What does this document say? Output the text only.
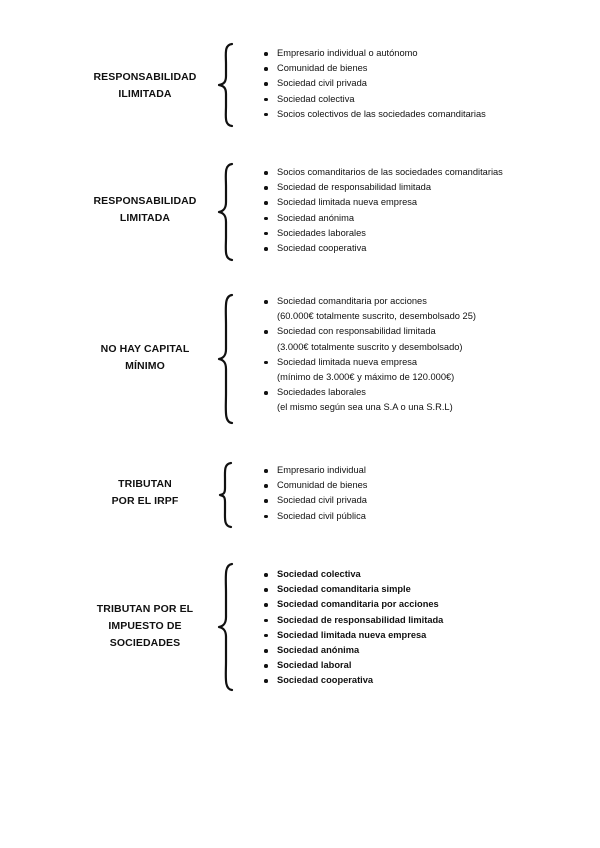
RESPONSABILIDAD
ILIMITADA
Empresario individual o autónomo
Comunidad de bienes
Sociedad civil privada
Sociedad colectiva
Socios colectivos de las sociedades comanditarias
RESPONSABILIDAD
LIMITADA
Socios comanditarios de las sociedades comanditarias
Sociedad de responsabilidad limitada
Sociedad limitada nueva empresa
Sociedad anónima
Sociedades laborales
Sociedad cooperativa
NO HAY CAPITAL
MÍNIMO
Sociedad comanditaria por acciones
(60.000€ totalmente suscrito, desembolsado 25)
Sociedad con responsabilidad limitada
(3.000€ totalmente suscrito y desembolsado)
Sociedad limitada nueva empresa
(mínimo de 3.000€ y máximo de 120.000€)
Sociedades laborales
(el mismo según sea una S.A o una S.R.L)
TRIBUTAN
POR EL IRPF
Empresario individual
Comunidad de bienes
Sociedad civil privada
Sociedad civil pública
TRIBUTAN POR EL
IMPUESTO DE
SOCIEDADES
Sociedad colectiva
Sociedad comanditaria simple
Sociedad comanditaria por acciones
Sociedad de responsabilidad limitada
Sociedad limitada nueva empresa
Sociedad anónima
Sociedad laboral
Sociedad cooperativa
